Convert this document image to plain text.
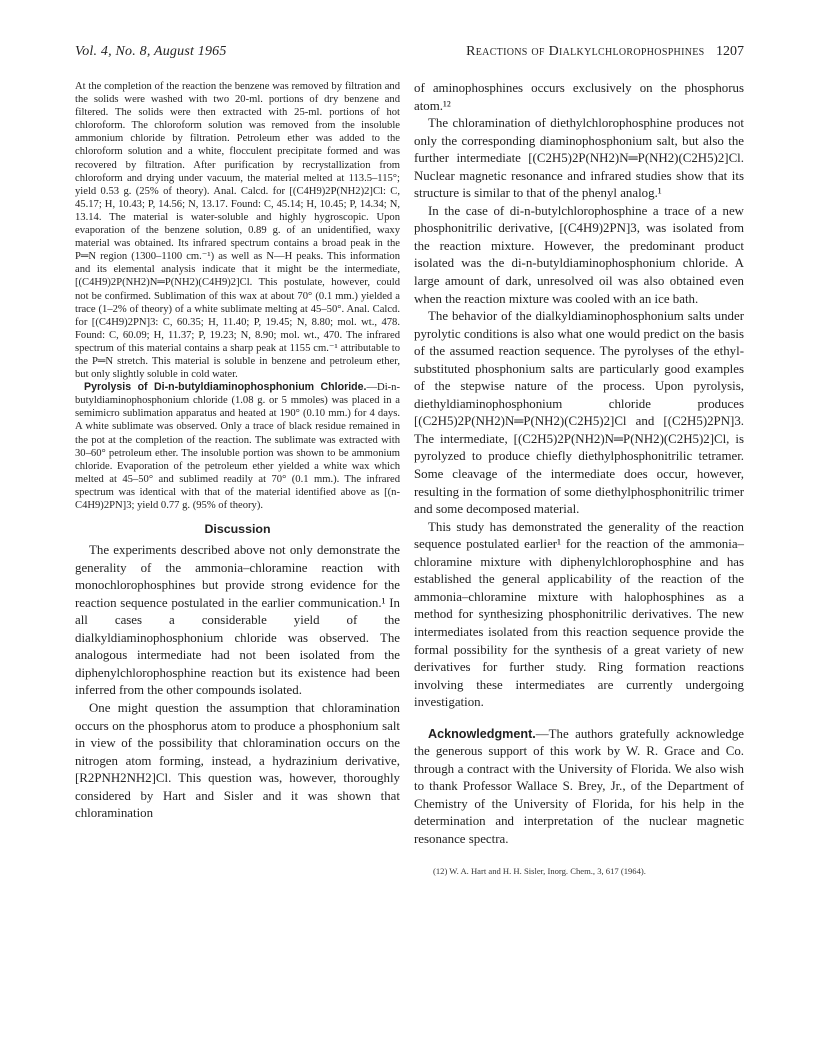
Vol. 4, No. 8, August 1965	Reactions of Dialkylchlorophosphines 1207

At the completion of the reaction the benzene was removed by filtration and the solids were washed with two 20-ml. portions of dry benzene and filtered. The solids were then extracted with 25-ml. portions of hot chloroform. The chloroform solution was removed from the insoluble ammonium chloride by filtration. Petroleum ether was added to the chloroform solution and a white, flocculent precipitate formed and was recovered by filtration. After purification by recrystallization from chloroform and drying under vacuum, the material melted at 113.5–115°; yield 0.53 g. (25% of theory). Anal. Calcd. for [(C4H9)2P(NH2)2]Cl: C, 45.17; H, 10.43; P, 14.56; N, 13.17. Found: C, 45.14; H, 10.45; P, 14.34; N, 13.14. The material is water-soluble and highly hygroscopic. Upon evaporation of the benzene solution, 0.89 g. of an unidentified, waxy material was obtained. Its infrared spectrum contains a broad peak in the P═N region (1300–1100 cm.⁻¹) as well as N—H peaks. This information and its elemental analysis indicate that it might be the intermediate, [(C4H9)2P(NH2)N═P(NH2)(C4H9)2]Cl. This postulate, however, could not be confirmed. Sublimation of this wax at about 70° (0.1 mm.) yielded a trace (1–2% of theory) of a white sublimate melting at 45–50°. Anal. Calcd. for [(C4H9)2PN]3: C, 60.35; H, 11.40; P, 19.45; N, 8.80; mol. wt., 478. Found: C, 60.09; H, 11.37; P, 19.23; N, 8.90; mol. wt., 470. The infrared spectrum of this material contains a sharp peak at 1155 cm.⁻¹ attributable to the P═N stretch. This material is soluble in benzene and petroleum ether, but only slightly soluble in cold water.

Pyrolysis of Di-n-butyldiaminophosphonium Chloride.—Di-n-butyldiaminophosphonium chloride (1.08 g. or 5 mmoles) was placed in a semimicro sublimation apparatus and heated at 190° (0.10 mm.) for 4 days. A white sublimate was observed. Only a trace of black residue remained in the pot at the completion of the reaction. The sublimate was extracted with 30–60° petroleum ether. The insoluble portion was shown to be ammonium chloride. Evaporation of the petroleum ether yielded a white wax which melted at 45–50° and sublimed readily at 70° (0.1 mm.). The infrared spectrum was identical with that of the material identified above as [(n-C4H9)2PN]3; yield 0.77 g. (95% of theory).

Discussion

The experiments described above not only demonstrate the generality of the ammonia–chloramine reaction with monochlorophosphines but provide strong evidence for the reaction sequence postulated in the earlier communication.¹ In all cases a considerable yield of the dialkyldiaminophosphonium chloride was observed. The analogous intermediate had not been isolated from the diphenylchlorophosphine reaction but its existence had been inferred from the other compounds isolated.

One might question the assumption that chloramination occurs on the phosphorus atom to produce a phosphonium salt in view of the possibility that chloramination occurs on the nitrogen atom forming, instead, a hydrazinium derivative, [R2PNH2NH2]Cl. This question was, however, thoroughly considered by Hart and Sisler and it was shown that chloramination

of aminophosphines occurs exclusively on the phosphorus atom.¹²

The chloramination of diethylchlorophosphine produces not only the corresponding diaminophosphonium salt, but also the further intermediate [(C2H5)2P(NH2)N═P(NH2)(C2H5)2]Cl. Nuclear magnetic resonance and infrared studies show that its structure is similar to that of the phenyl analog.¹

In the case of di-n-butylchlorophosphine a trace of a new phosphonitrilic derivative, [(C4H9)2PN]3, was isolated from the reaction mixture. However, the predominant product isolated was the di-n-butyldiaminophosphonium chloride. A large amount of dark, unresolved oil was also obtained even when the reaction mixture was cooled with an ice bath.

The behavior of the dialkyldiaminophosphonium salts under pyrolytic conditions is also what one would predict on the basis of the assumed reaction sequence. The pyrolyses of the ethyl-substituted phosphonium salts are particularly good examples of the stepwise nature of the process. Upon pyrolysis, diethyldiaminophosphonium chloride produces [(C2H5)2P(NH2)N═P(NH2)(C2H5)2]Cl and [(C2H5)2PN]3. The intermediate, [(C2H5)2P(NH2)N═P(NH2)(C2H5)2]Cl, is pyrolyzed to produce chiefly diethylphosphonitrilic tetramer. Some cleavage of the intermediate does occur, however, resulting in the formation of some diethylphosphonitrilic trimer and some decomposed material.

This study has demonstrated the generality of the reaction sequence postulated earlier¹ for the reaction of the ammonia–chloramine mixture with diphenylchlorophosphine and has established the general applicability of the reaction of the ammonia–chloramine mixture with halophosphines as a method for synthesizing phosphonitrilic derivatives. The new intermediates isolated from this reaction sequence provide the formal possibility for the synthesis of a great variety of new derivatives for further study. Ring formation reactions involving these intermediates are currently undergoing investigation.

Acknowledgment.—The authors gratefully acknowledge the generous support of this work by W. R. Grace and Co. through a contract with the University of Florida. We also wish to thank Professor Wallace S. Brey, Jr., of the Department of Chemistry of the University of Florida, for his help in the determination and interpretation of the nuclear magnetic resonance spectra.

(12) W. A. Hart and H. H. Sisler, Inorg. Chem., 3, 617 (1964).
